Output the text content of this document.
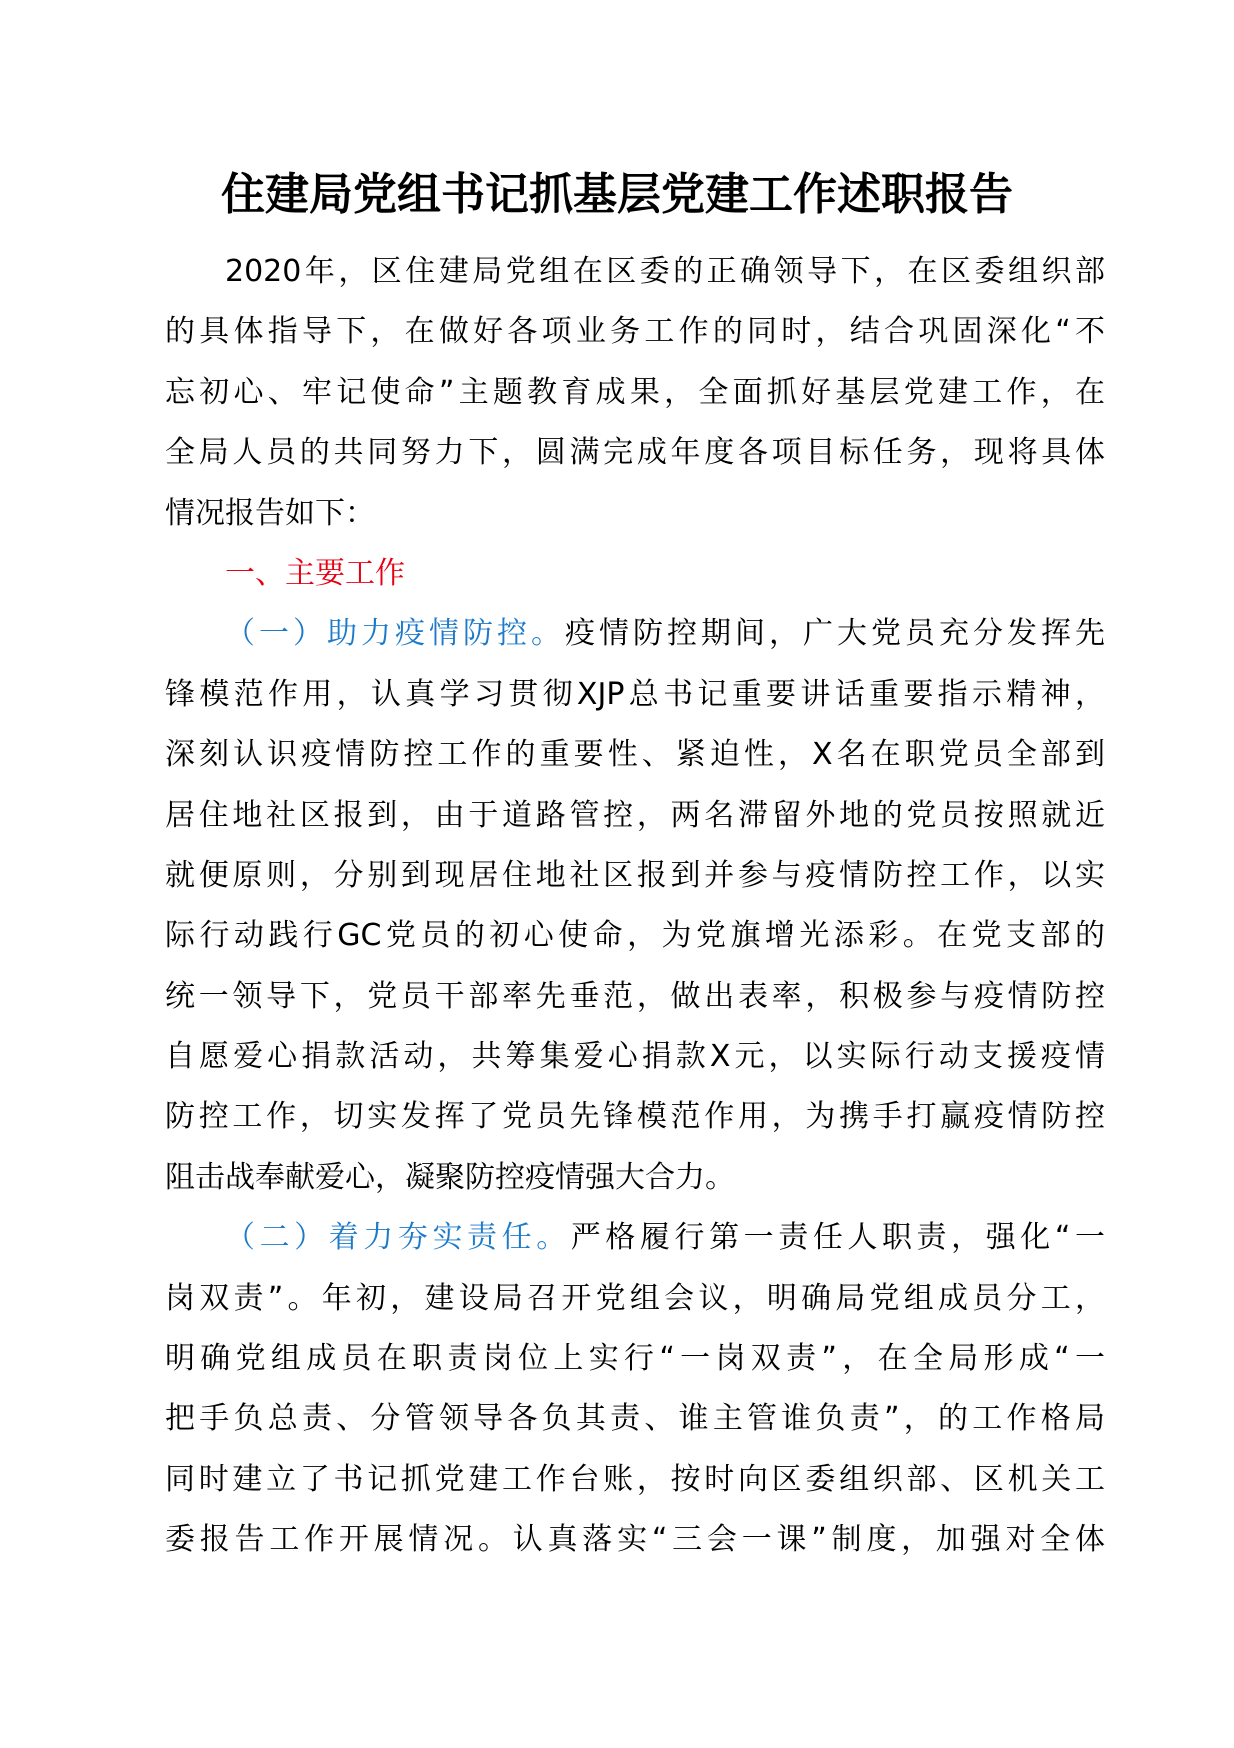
住建局党组书记抓基层党建工作述职报告
2020年，区住建局党组在区委的正确领导下，在区委组织部
的具体指导下，在做好各项业务工作的同时，结合巩固深化“不
忘初心、牢记使命”主题教育成果，全面抓好基层党建工作，在
全局人员的共同努力下，圆满完成年度各项目标任务，现将具体
情况报告如下：
一、主要工作
（一）助力疫情防控。疫情防控期间，广大党员充分发挥先
锋模范作用，认真学习贯彻XJP总书记重要讲话重要指示精神，
深刻认识疫情防控工作的重要性、紧迫性，X名在职党员全部到
居住地社区报到，由于道路管控，两名滞留外地的党员按照就近
就便原则，分别到现居住地社区报到并参与疫情防控工作，以实
际行动践行GC党员的初心使命，为党旗增光添彩。在党支部的
统一领导下，党员干部率先垂范，做出表率，积极参与疫情防控
自愿爱心捐款活动，共筹集爱心捐款X元，以实际行动支援疫情
防控工作，切实发挥了党员先锋模范作用，为携手打赢疫情防控
阻击战奉献爱心，凝聚防控疫情强大合力。
（二）着力夯实责任。严格履行第一责任人职责，强化“一
岗双责”。年初，建设局召开党组会议，明确局党组成员分工，
明确党组成员在职责岗位上实行“一岗双责”，在全局形成“一
把手负总责、分管领导各负其责、谁主管谁负责”，的工作格局
同时建立了书记抓党建工作台账，按时向区委组织部、区机关工
委报告工作开展情况。认真落实“三会一课”制度，加强对全体
